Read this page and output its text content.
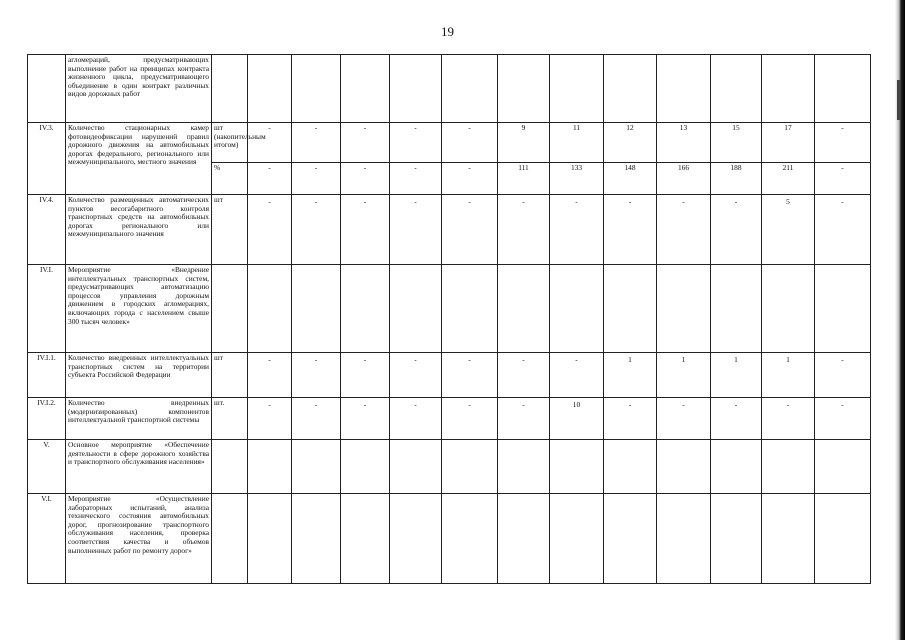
19
	агломераций, предусматривающих выполнение работ на принципах контракта жизненного цикла, предусматривающего объединение в один контракт различных видов дорожных работ													
IV.3.	Количество стационарных камер фотовидеофиксации нарушений правил дорожного движения на автомобильных дорогах федерального, регионального или межмуниципального, местного значения	шт (накопительным итогом)	-	-	-	-	-	9	11	12	13	15	17	-
		%	-	-	-	-	-	111	133	148	166	188	211	-
IV.4.	Количество размещенных автоматических пунктов весогабаритного контроля транспортных средств на автомобильных дорогах регионального или межмуниципального значения	шт	-	-	-	-	-	-	-	-	-	-	5	-
IV.I.	Мероприятие «Внедрение интеллектуальных транспортных систем, предусматривающих автоматизацию процессов управления дорожным движением в городских агломерациях, включающих города с населением свыше 300 тысяч человек»													
IV.I.1.	Количество внедренных интеллектуальных транспортных систем на территории субъекта Российской Федерации	шт	-	-	-	-	-	-	-	1	1	1	1	-
IV.I.2.	Количество внедренных (модернизированных) компонентов интеллектуальной транспортной системы	шт.	-	-	-	-	-	-	10	-	-	-	-	-
V.	Основное мероприятие «Обеспечение деятельности в сфере дорожного хозяйства и транспортного обслуживания населения»													
V.I.	Мероприятие «Осуществление лабораторных испытаний, анализа технического состояния автомобильных дорог, прогнозирование транспортного обслуживания населения, проверка соответствия качества и объемов выполненных работ по ремонту дорог»													
